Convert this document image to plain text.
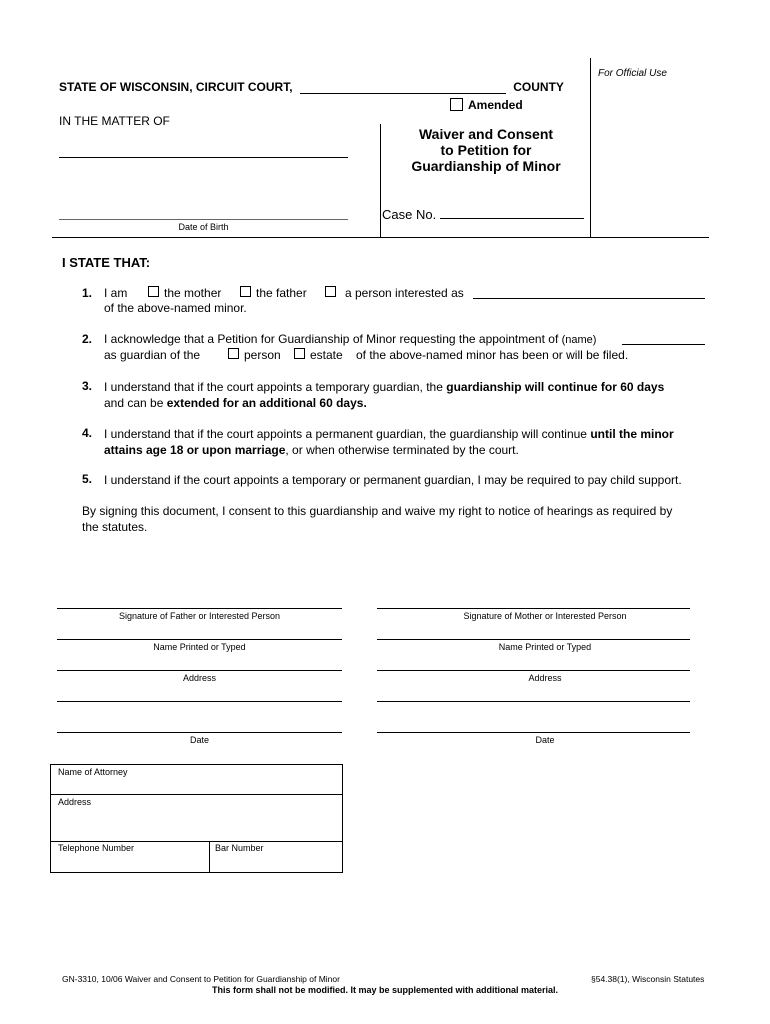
For Official Use
STATE OF WISCONSIN, CIRCUIT COURT,	COUNTY
Amended
IN THE MATTER OF
Waiver and Consent
to Petition for
Guardianship of Minor
Date of Birth
Case No.
I STATE THAT:
1. I am	the mother	the father	a person interested as
of the above-named minor.
2. I acknowledge that a Petition for Guardianship of Minor requesting the appointment of (name)
as guardian of the	person estate of the above-named minor has been or will be filed.
3. I understand that if the court appoints a temporary guardian, the guardianship will continue for 60 days
and can be extended for an additional 60 days.
4. I understand that if the court appoints a permanent guardian, the guardianship will continue until the minor
attains age 18 or upon marriage, or when otherwise terminated by the court.
5. I understand if the court appoints a temporary or permanent guardian, I may be required to pay child support.
By signing this document, I consent to this guardianship and waive my right to notice of hearings as required by
the statutes.
Signature of Father or Interested Person
Name Printed or Typed
Address
Date
Signature of Mother or Interested Person
Name Printed or Typed
Address
Date
Name of Attorney
Address
Telephone Number	Bar Number
GN-3310, 10/06 Waiver and Consent to Petition for Guardianship of Minor	§54.38(1), Wisconsin Statutes
This form shall not be modified. It may be supplemented with additional material.
